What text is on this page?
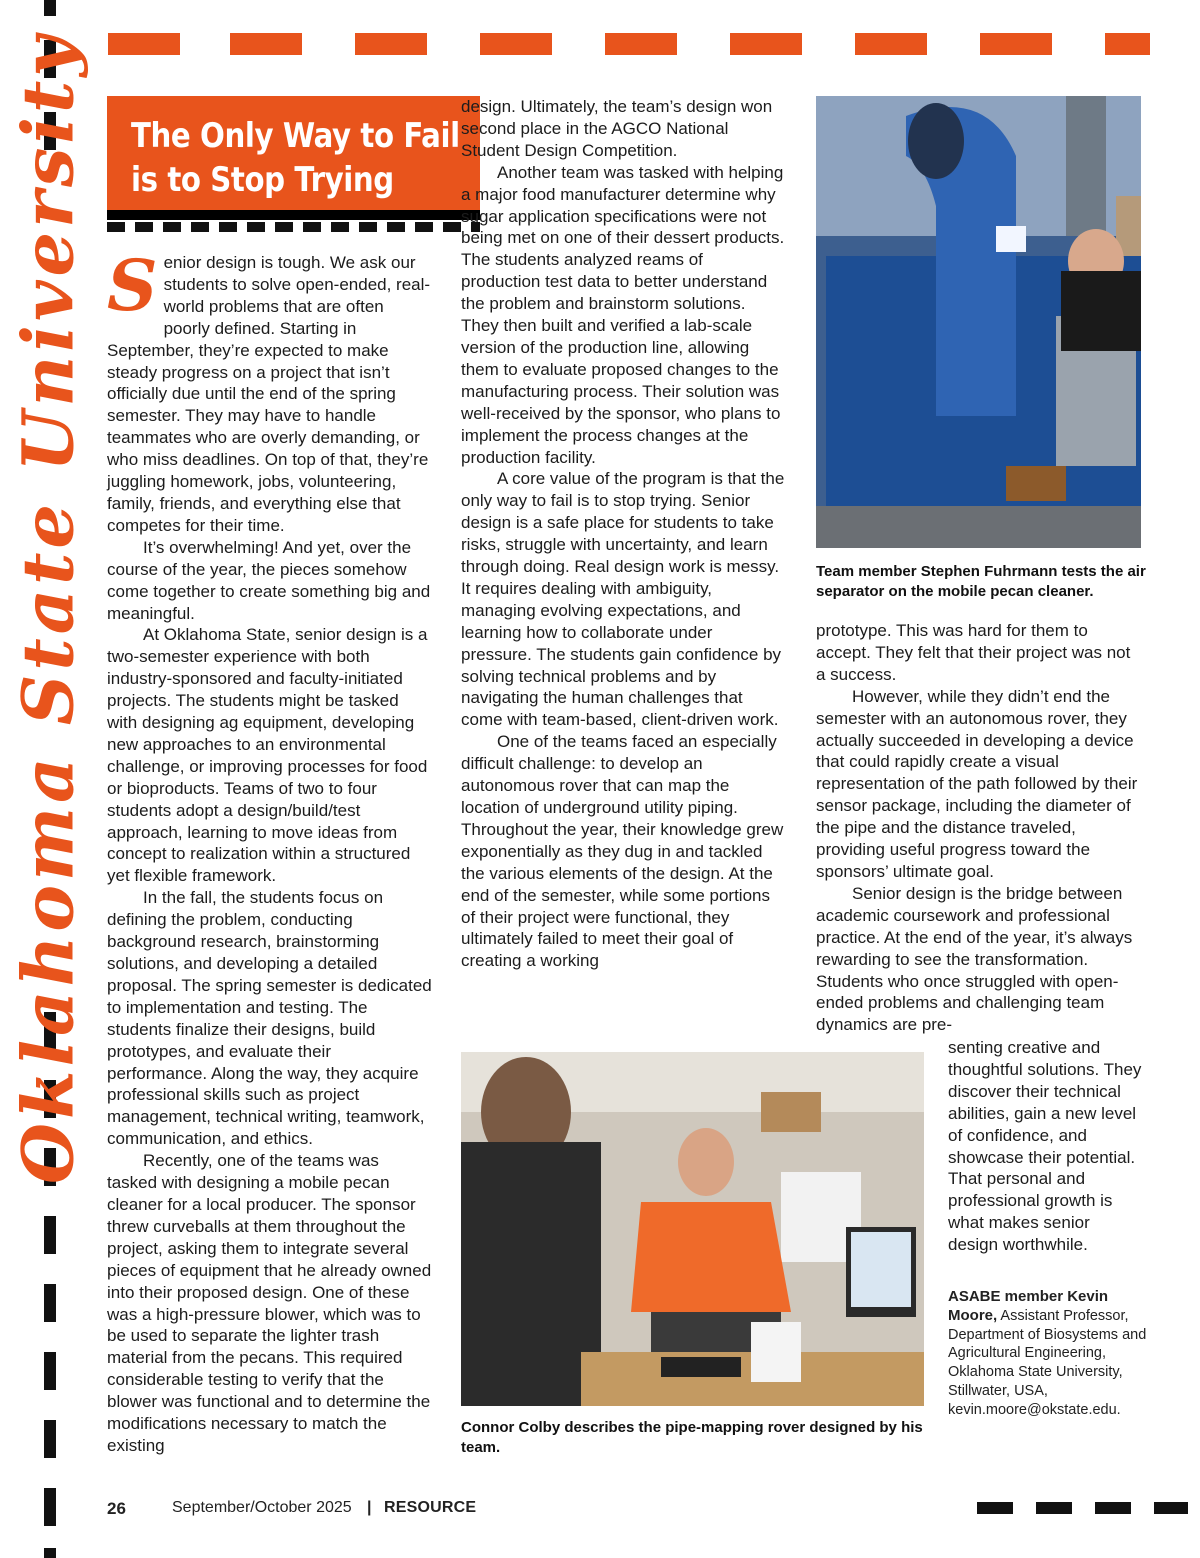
Oklahoma State University The Only Way to Fail
is to Stop Trying

Senior design is tough. We ask our students to solve open-ended, real-world problems that are often poorly defined. Starting in September, they’re expected to make steady progress on a project that isn’t officially due until the end of the spring semester. They may have to handle teammates who are overly demanding, or who miss deadlines. On top of that, they’re juggling homework, jobs, volunteering, family, friends, and everything else that competes for their time.

It’s overwhelming! And yet, over the course of the year, the pieces somehow come together to create something big and meaningful.

At Oklahoma State, senior design is a two-semester experience with both industry-sponsored and faculty-initiated projects. The students might be tasked with designing ag equipment, developing new approaches to an environmental challenge, or improving processes for food or bioproducts. Teams of two to four students adopt a design/build/test approach, learning to move ideas from concept to realization within a structured yet flexible framework.

In the fall, the students focus on defining the problem, conducting background research, brainstorming solutions, and developing a detailed proposal. The spring semester is dedicated to implementation and testing. The students finalize their designs, build prototypes, and evaluate their performance. Along the way, they acquire professional skills such as project management, technical writing, teamwork, communication, and ethics.

Recently, one of the teams was tasked with designing a mobile pecan cleaner for a local producer. The sponsor threw curveballs at them throughout the project, asking them to integrate several pieces of equipment that he already owned into their proposed design. One of these was a high-pressure blower, which was to be used to separate the lighter trash material from the pecans. This required considerable testing to verify that the blower was functional and to determine the modifications necessary to match the existing

design. Ultimately, the team’s design won second place in the AGCO National Student Design Competition.

Another team was tasked with helping a major food manufacturer determine why sugar application specifications were not being met on one of their dessert products. The students analyzed reams of production test data to better understand the problem and brainstorm solutions. They then built and verified a lab-scale version of the production line, allowing them to evaluate proposed changes to the manufacturing process. Their solution was well-received by the sponsor, who plans to implement the process changes at the production facility.

A core value of the program is that the only way to fail is to stop trying. Senior design is a safe place for students to take risks, struggle with uncertainty, and learn through doing. Real design work is messy. It requires dealing with ambiguity, managing evolving expectations, and learning how to collaborate under pressure. The students gain confidence by solving technical problems and by navigating the human challenges that come with team-based, client-driven work.

One of the teams faced an especially difficult challenge: to develop an autonomous rover that can map the location of underground utility piping. Throughout the year, their knowledge grew exponentially as they dug in and tackled the various elements of the design. At the end of the semester, while some portions of their project were functional, they ultimately failed to meet their goal of creating a working

Team member Stephen Fuhrmann tests the air separator on the mobile pecan cleaner.

prototype. This was hard for them to accept. They felt that their project was not a success.

However, while they didn’t end the semester with an autonomous rover, they actually succeeded in developing a device that could rapidly create a visual representation of the path followed by their sensor package, including the diameter of the pipe and the distance traveled, providing useful progress toward the sponsors’ ultimate goal.

Senior design is the bridge between academic coursework and professional practice. At the end of the year, it’s always rewarding to see the transformation. Students who once struggled with open-ended problems and challenging team dynamics are pre-

senting creative and thoughtful solutions. They discover their technical abilities, gain a new level of confidence, and showcase their potential. That personal and professional growth is what makes senior design worthwhile.

Connor Colby describes the pipe-mapping rover designed by his team.
ASABE member Kevin Moore, Assistant Professor, Department of Biosystems and Agricultural Engineering, Oklahoma State University, Stillwater, USA, kevin.moore@okstate.edu.
26	September/October 2025 | RESOURCE
